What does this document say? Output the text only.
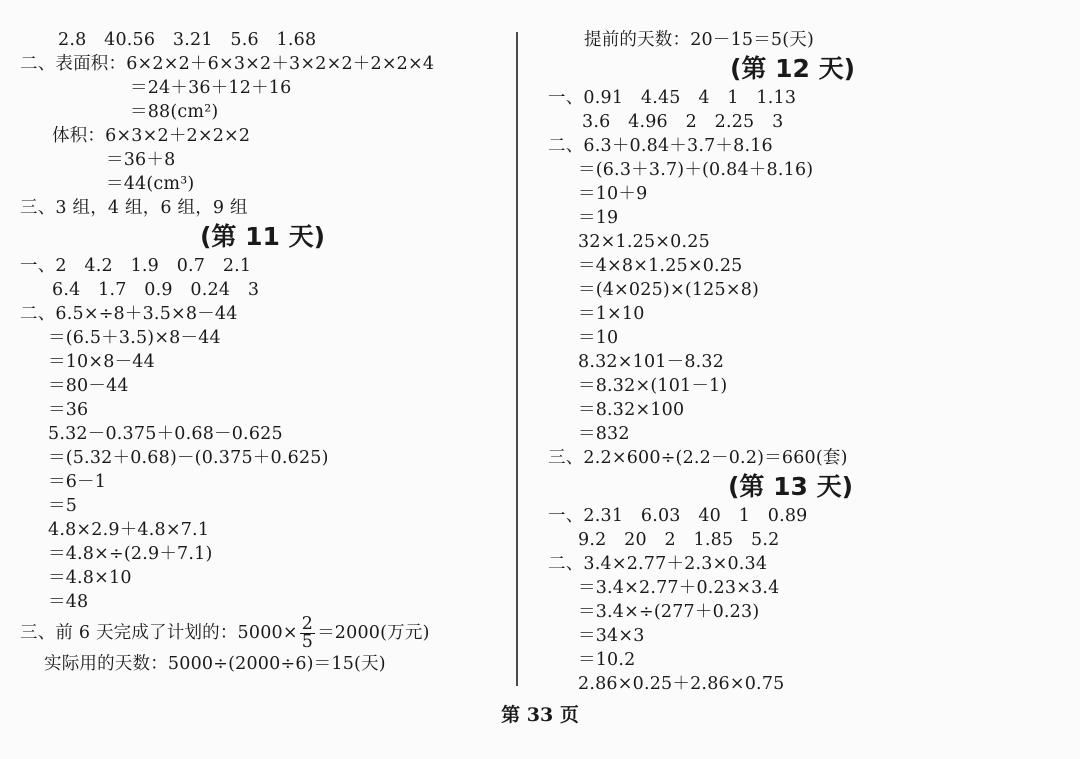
2.8　40.56　3.21　5.6　1.68
二、表面积：6×2×2＋6×3×2＋3×2×2＋2×2×4
＝24＋36＋12＋16
＝88(cm²)
体积：6×3×2＋2×2×2
＝36＋8
＝44(cm³)
三、3 组，4 组，6 组，9 组
(第 11 天)
一、2　4.2　1.9　0.7　2.1
6.4　1.7　0.9　0.24　3
二、6.5×÷8＋3.5×8－44
＝(6.5＋3.5)×8－44
＝10×8－44
＝80－44
＝36
5.32－0.375＋0.68－0.625
＝(5.32＋0.68)－(0.375＋0.625)
＝6－1
＝5
4.8×2.9＋4.8×7.1
＝4.8×÷(2.9＋7.1)
＝4.8×10
＝48
三、前 6 天完成了计划的：$5000\times \frac{2}{5} =2000$(万元)
实际用的天数：5000÷(2000÷6)＝15(天)
提前的天数：20－15＝5(天)
(第 12 天)
一、0.91　4.45　4　1　1.13
3.6　4.96　2　2.25　3
二、6.3＋0.84＋3.7＋8.16
＝(6.3＋3.7)＋(0.84＋8.16)
＝10＋9
＝19
32×1.25×0.25
＝4×8×1.25×0.25
＝(4×025)×(125×8)
＝1×10
＝10
8.32×101－8.32
＝8.32×(101－1)
＝8.32×100
＝832
三、2.2×600÷(2.2－0.2)＝660(套)
(第 13 天)
一、2.31　6.03　40　1　0.89
9.2　20　2　1.85　5.2
二、3.4×2.77＋2.3×0.34
＝3.4×2.77＋0.23×3.4
＝3.4×÷(277＋0.23)
＝34×3
＝10.2
2.86×0.25＋2.86×0.75
第 33 页
